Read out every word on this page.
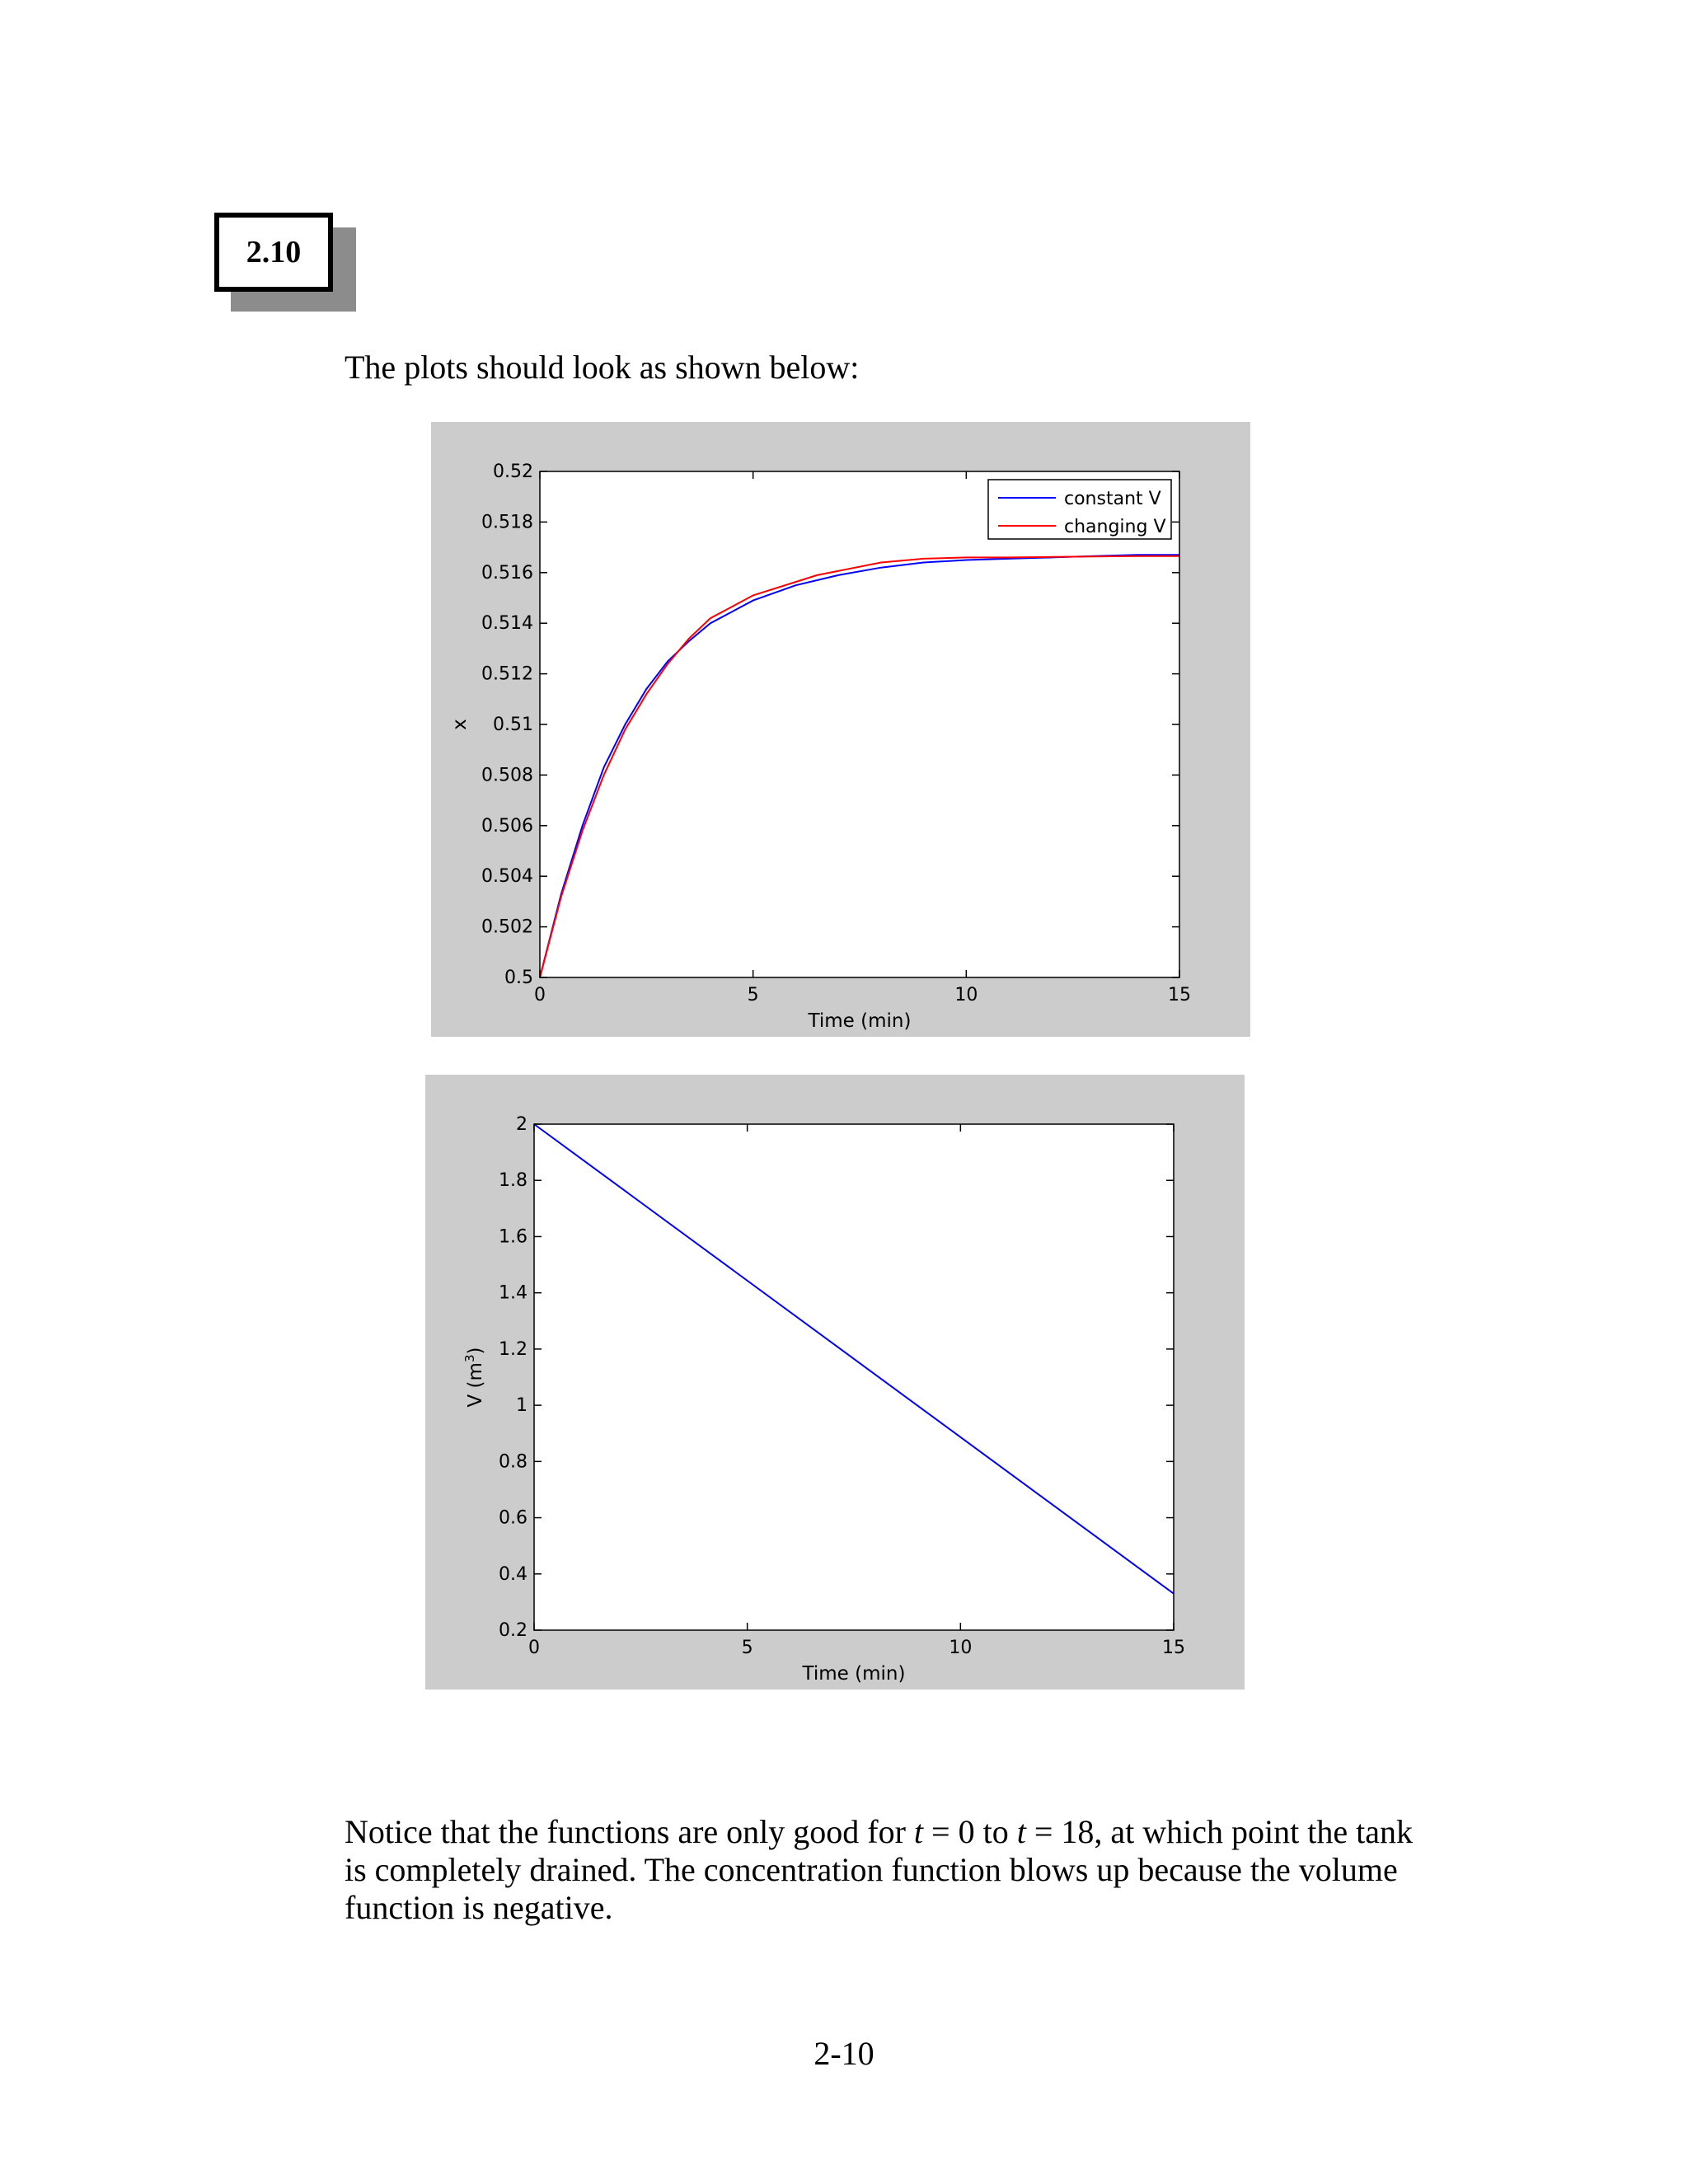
2.10
The plots should look as shown below:
0	5	10	15
0.5
0.502
0.504
0.506
0.508
0.51
0.512
0.514
0.516
0.518
0.52
Time (min)
x
constant V
changing V
0	5	10	15
0.2
0.4
0.6
0.8
1
1.2
1.4
1.6
1.8
2
Time (min)
V $(m^3)$
Notice that the functions are only good for t = 0 to t = 18, at which point the tank is completely drained. The concentration function blows up because the volume function is negative.
2-10
